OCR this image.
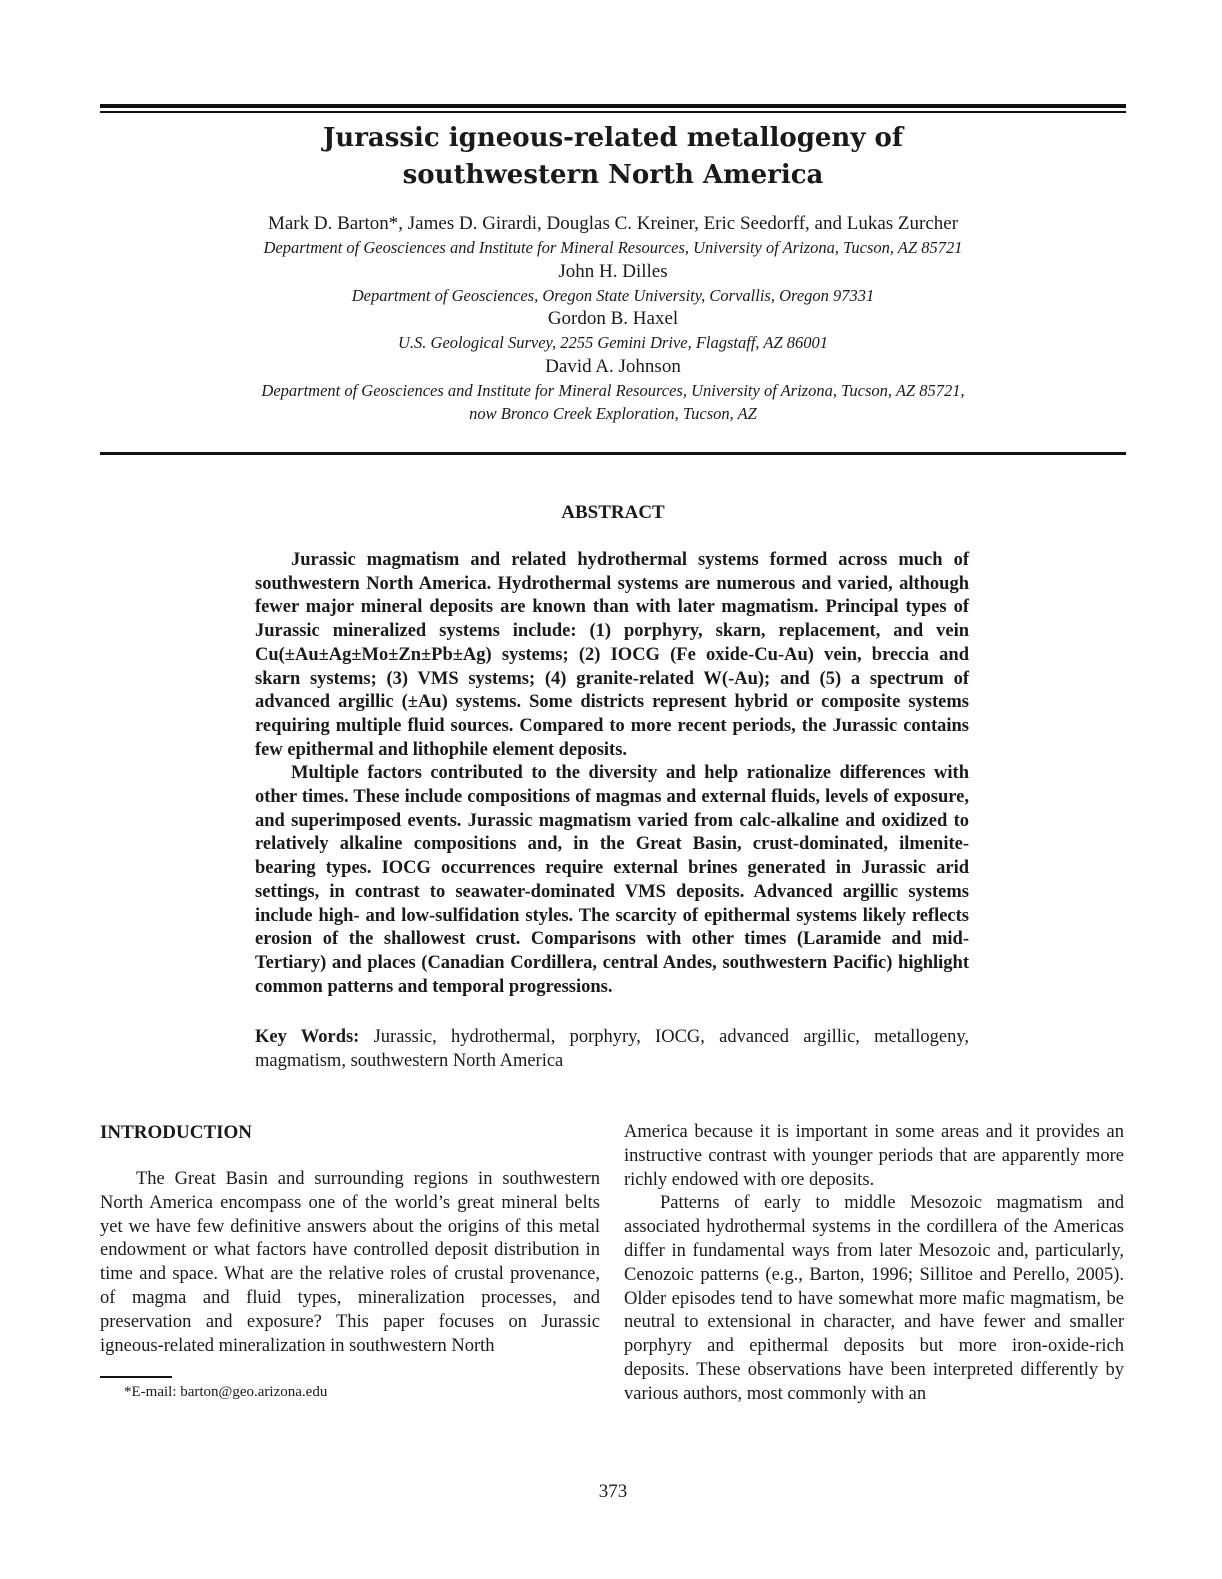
Jurassic igneous-related metallogeny of
southwestern North America
Mark D. Barton*, James D. Girardi, Douglas C. Kreiner, Eric Seedorff, and Lukas Zurcher
Department of Geosciences and Institute for Mineral Resources, University of Arizona, Tucson, AZ 85721
John H. Dilles
Department of Geosciences, Oregon State University, Corvallis, Oregon 97331
Gordon B. Haxel
U.S. Geological Survey, 2255 Gemini Drive, Flagstaff, AZ 86001
David A. Johnson
Department of Geosciences and Institute for Mineral Resources, University of Arizona, Tucson, AZ 85721,
now Bronco Creek Exploration, Tucson, AZ
ABSTRACT

Jurassic magmatism and related hydrothermal systems formed across much of southwestern North America. Hydrothermal systems are numerous and varied, although fewer major mineral deposits are known than with later magmatism. Principal types of Jurassic mineralized systems include: (1) porphyry, skarn, replacement, and vein Cu(±Au±Ag±Mo±Zn±Pb±Ag) systems; (2) IOCG (Fe oxide-Cu-Au) vein, breccia and skarn systems; (3) VMS systems; (4) granite-related W(-Au); and (5) a spectrum of advanced argillic (±Au) systems. Some districts represent hybrid or composite systems requiring multiple fluid sources. Compared to more recent periods, the Jurassic contains few epithermal and lithophile element deposits.

Multiple factors contributed to the diversity and help rationalize differences with other times. These include compositions of magmas and external fluids, levels of exposure, and superimposed events. Jurassic magmatism varied from calc-alkaline and oxidized to relatively alkaline compositions and, in the Great Basin, crust-dominated, ilmenite-bearing types. IOCG occurrences require external brines generated in Jurassic arid settings, in contrast to seawater-dominated VMS deposits. Advanced argillic systems include high- and low-sulfidation styles. The scarcity of epithermal systems likely reflects erosion of the shallowest crust. Comparisons with other times (Laramide and mid-Tertiary) and places (Canadian Cordillera, central Andes, southwestern Pacific) highlight common patterns and temporal progressions.

Key Words: Jurassic, hydrothermal, porphyry, IOCG, advanced argillic, metallogeny, magmatism, southwestern North America
INTRODUCTION

The Great Basin and surrounding regions in southwestern North America encompass one of the world’s great mineral belts yet we have few definitive answers about the origins of this metal endowment or what factors have controlled deposit distribution in time and space. What are the relative roles of crustal provenance, of magma and fluid types, mineralization processes, and preservation and exposure? This paper focuses on Jurassic igneous-related mineralization in southwestern North

America because it is important in some areas and it provides an instructive contrast with younger periods that are apparently more richly endowed with ore deposits.

Patterns of early to middle Mesozoic magmatism and associated hydrothermal systems in the cordillera of the Americas differ in fundamental ways from later Mesozoic and, particularly, Cenozoic patterns (e.g., Barton, 1996; Sillitoe and Perello, 2005). Older episodes tend to have somewhat more mafic magmatism, be neutral to extensional in character, and have fewer and smaller porphyry and epithermal deposits but more iron-oxide-rich deposits. These observations have been interpreted differently by various authors, most commonly with an

*E-mail: barton@geo.arizona.edu
373
